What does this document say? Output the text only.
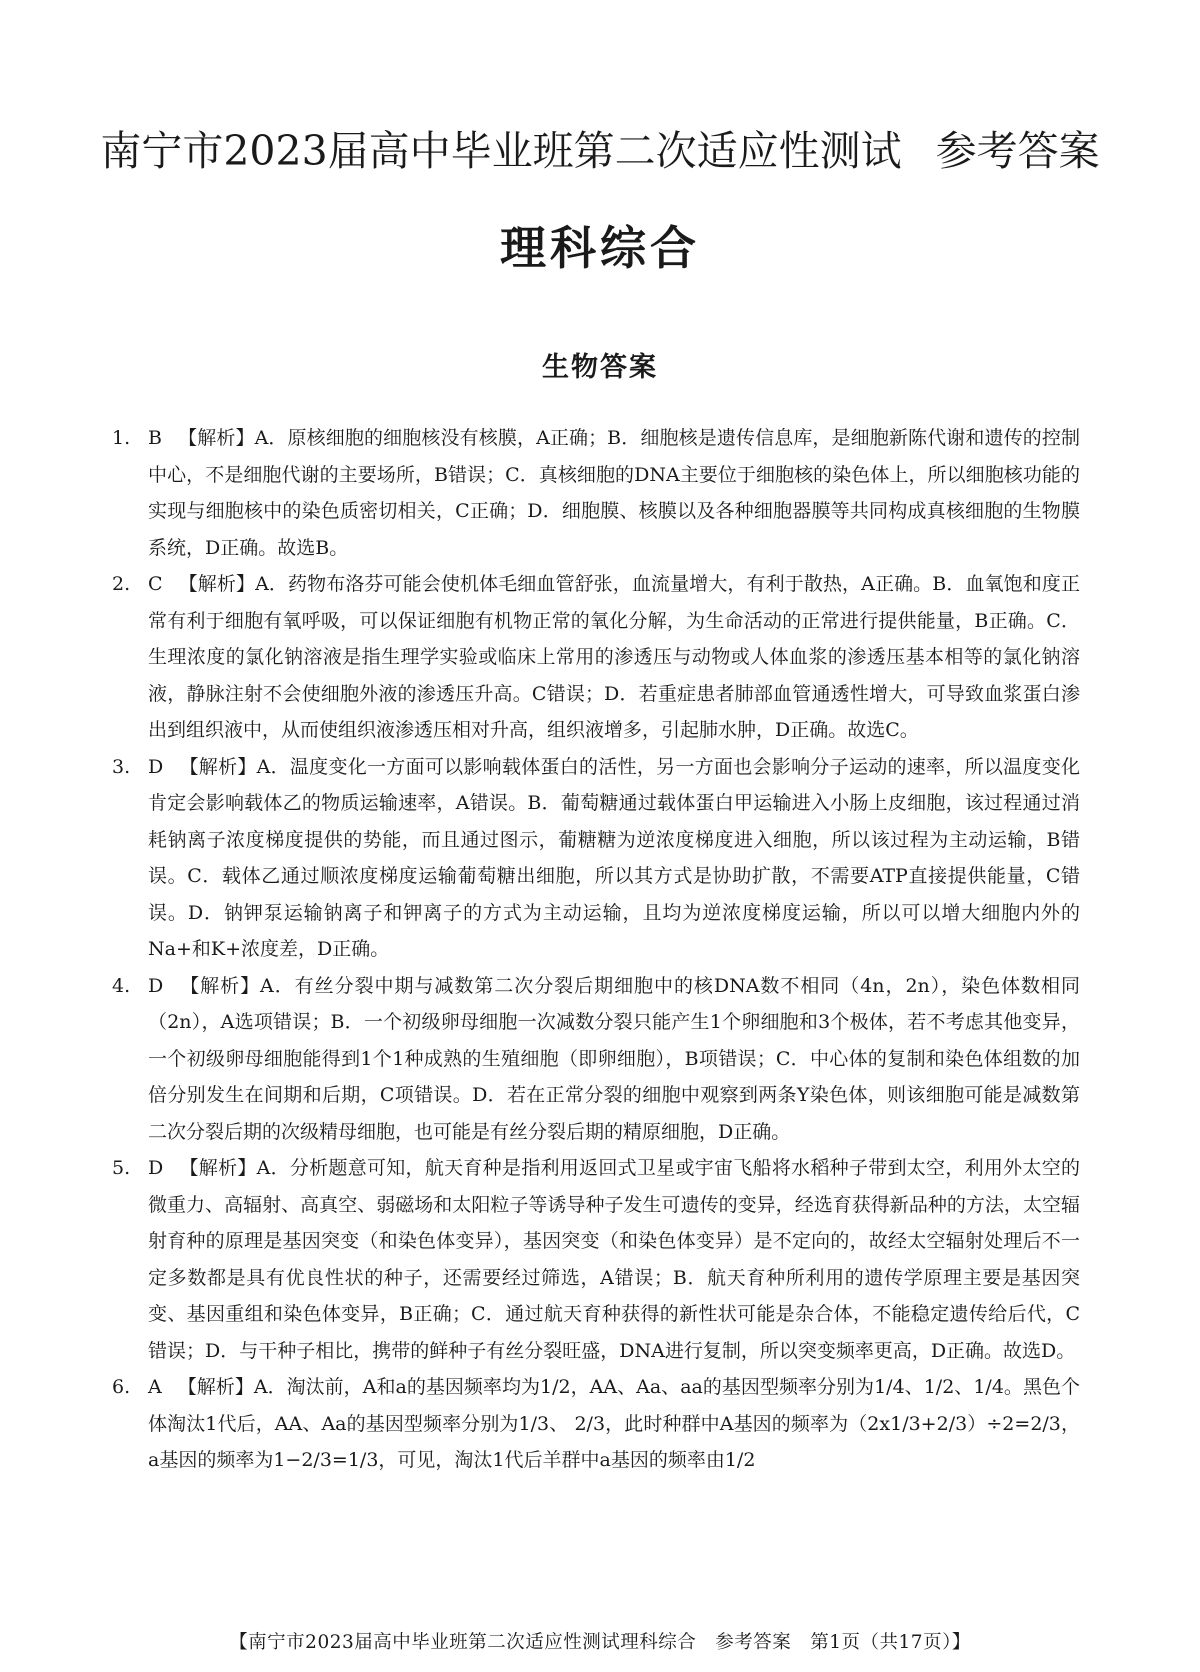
南宁市2023届高中毕业班第二次适应性测试 参考答案
理科综合
生物答案
1. B 【解析】A．原核细胞的细胞核没有核膜，A正确；B．细胞核是遗传信息库，是细胞新陈代谢和遗传的控制中心，不是细胞代谢的主要场所，B错误；C．真核细胞的DNA主要位于细胞核的染色体上，所以细胞核功能的实现与细胞核中的染色质密切相关，C正确；D．细胞膜、核膜以及各种细胞器膜等共同构成真核细胞的生物膜系统，D正确。故选B。

2. C 【解析】A．药物布洛芬可能会使机体毛细血管舒张，血流量增大，有利于散热，A正确。B．血氧饱和度正常有利于细胞有氧呼吸，可以保证细胞有机物正常的氧化分解，为生命活动的正常进行提供能量，B正确。C．生理浓度的氯化钠溶液是指生理学实验或临床上常用的渗透压与动物或人体血浆的渗透压基本相等的氯化钠溶液，静脉注射不会使细胞外液的渗透压升高。C错误；D．若重症患者肺部血管通透性增大，可导致血浆蛋白渗出到组织液中，从而使组织液渗透压相对升高，组织液增多，引起肺水肿，D正确。故选C。

3. D 【解析】A．温度变化一方面可以影响载体蛋白的活性，另一方面也会影响分子运动的速率，所以温度变化肯定会影响载体乙的物质运输速率，A错误。B．葡萄糖通过载体蛋白甲运输进入小肠上皮细胞，该过程通过消耗钠离子浓度梯度提供的势能，而且通过图示，葡糖糖为逆浓度梯度进入细胞，所以该过程为主动运输，B错误。C．载体乙通过顺浓度梯度运输葡萄糖出细胞，所以其方式是协助扩散，不需要ATP直接提供能量，C错误。D．钠钾泵运输钠离子和钾离子的方式为主动运输，且均为逆浓度梯度运输，所以可以增大细胞内外的Na+和K+浓度差，D正确。

4. D 【解析】A．有丝分裂中期与减数第二次分裂后期细胞中的核DNA数不相同（4n，2n），染色体数相同（2n），A选项错误；B．一个初级卵母细胞一次减数分裂只能产生1个卵细胞和3个极体，若不考虑其他变异，一个初级卵母细胞能得到1个1种成熟的生殖细胞（即卵细胞），B项错误；C．中心体的复制和染色体组数的加倍分别发生在间期和后期，C项错误。D．若在正常分裂的细胞中观察到两条Y染色体，则该细胞可能是减数第二次分裂后期的次级精母细胞，也可能是有丝分裂后期的精原细胞，D正确。

5. D 【解析】A．分析题意可知，航天育种是指利用返回式卫星或宇宙飞船将水稻种子带到太空，利用外太空的微重力、高辐射、高真空、弱磁场和太阳粒子等诱导种子发生可遗传的变异，经选育获得新品种的方法，太空辐射育种的原理是基因突变（和染色体变异），基因突变（和染色体变异）是不定向的，故经太空辐射处理后不一定多数都是具有优良性状的种子，还需要经过筛选，A错误；B．航天育种所利用的遗传学原理主要是基因突变、基因重组和染色体变异，B正确；C．通过航天育种获得的新性状可能是杂合体，不能稳定遗传给后代，C错误；D．与干种子相比，携带的鲜种子有丝分裂旺盛，DNA进行复制，所以突变频率更高，D正确。故选D。

6. A 【解析】A．淘汰前，A和a的基因频率均为1/2，AA、Aa、aa的基因型频率分别为1/4、1/2、1/4。黑色个体淘汰1代后，AA、Aa的基因型频率分别为1/3、 2/3，此时种群中A基因的频率为（2x1/3+2/3）÷2=2/3，a基因的频率为1−2/3=1/3，可见，淘汰1代后羊群中a基因的频率由1/2

【南宁市2023届高中毕业班第二次适应性测试理科综合　参考答案　第1页（共17页）】
